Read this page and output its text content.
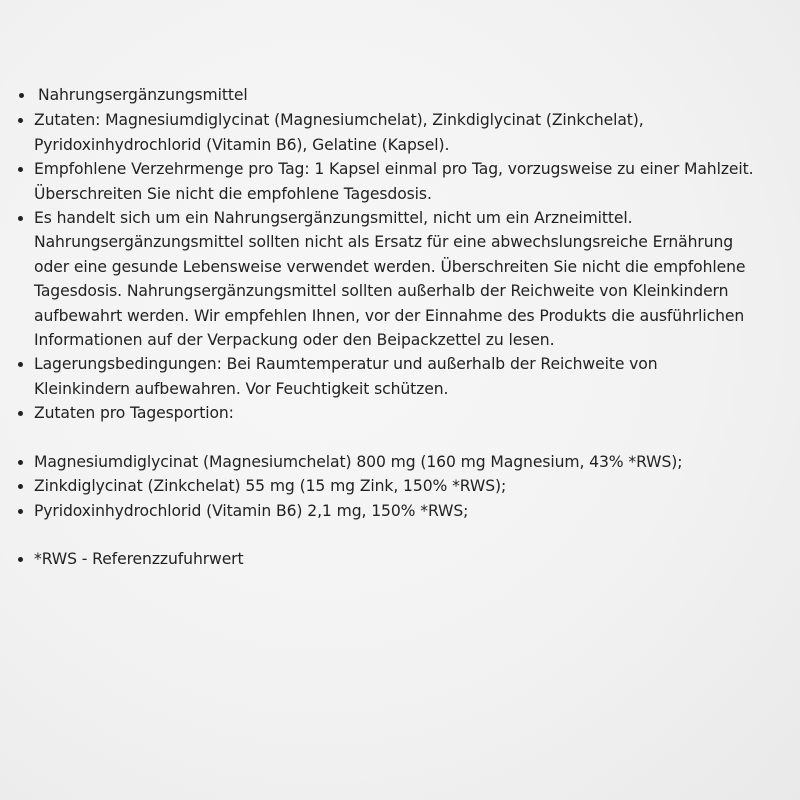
Nahrungsergänzungsmittel
Zutaten: Magnesiumdiglycinat (Magnesiumchelat), Zinkdiglycinat (Zinkchelat), Pyridoxinhydrochlorid (Vitamin B6), Gelatine (Kapsel).
Empfohlene Verzehrmenge pro Tag: 1 Kapsel einmal pro Tag, vorzugsweise zu einer Mahlzeit. Überschreiten Sie nicht die empfohlene Tagesdosis.
Es handelt sich um ein Nahrungsergänzungsmittel, nicht um ein Arzneimittel. Nahrungsergänzungsmittel sollten nicht als Ersatz für eine abwechslungsreiche Ernährung oder eine gesunde Lebensweise verwendet werden. Überschreiten Sie nicht die empfohlene Tagesdosis. Nahrungsergänzungsmittel sollten außerhalb der Reichweite von Kleinkindern aufbewahrt werden. Wir empfehlen Ihnen, vor der Einnahme des Produkts die ausführlichen Informationen auf der Verpackung oder den Beipackzettel zu lesen.
Lagerungsbedingungen: Bei Raumtemperatur und außerhalb der Reichweite von Kleinkindern aufbewahren. Vor Feuchtigkeit schützen.
Zutaten pro Tagesportion:
Magnesiumdiglycinat (Magnesiumchelat) 800 mg (160 mg Magnesium, 43% *RWS);
Zinkdiglycinat (Zinkchelat) 55 mg (15 mg Zink, 150% *RWS);
Pyridoxinhydrochlorid (Vitamin B6) 2,1 mg, 150% *RWS;
*RWS - Referenzzufuhrwert
